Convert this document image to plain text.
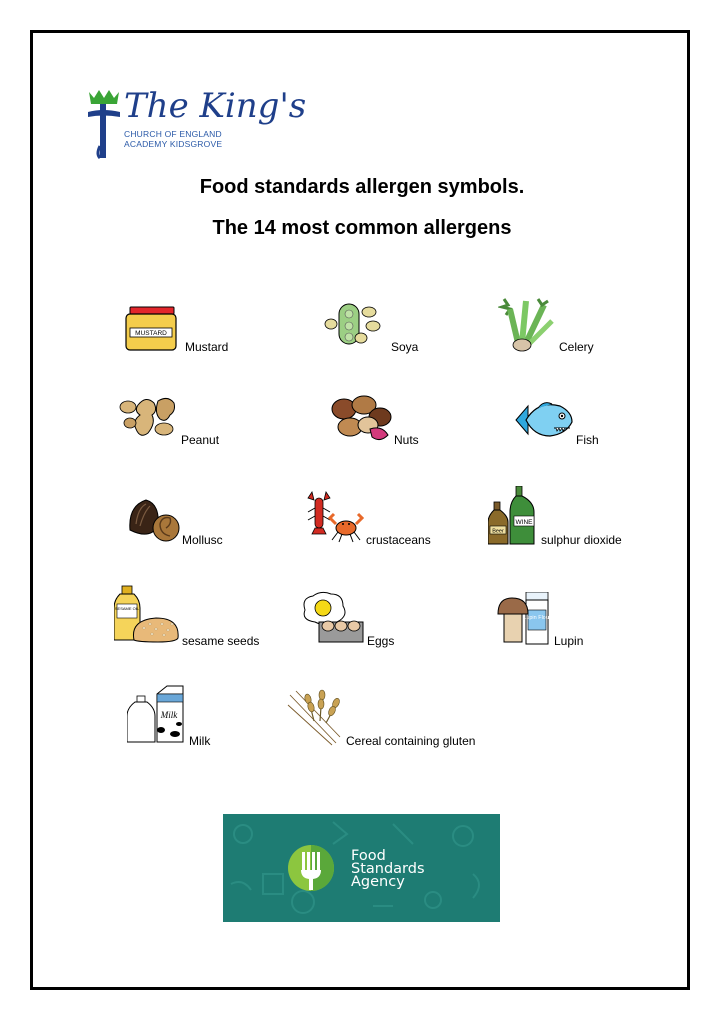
The King's
CHURCH OF ENGLAND
ACADEMY KIDSGROVE
Food standards allergen symbols.
The 14 most common allergens
MUSTARD
Mustard	Soya	Celery
Peanut	Nuts	Fish
Mollusc	crustaceans
WINE
Beer
sulphur dioxide
SESAME OIL
sesame seeds	Eggs
Lupin Flour
Lupin
Milk
Milk	Cereal containing gluten
Food
Standards
Agency
